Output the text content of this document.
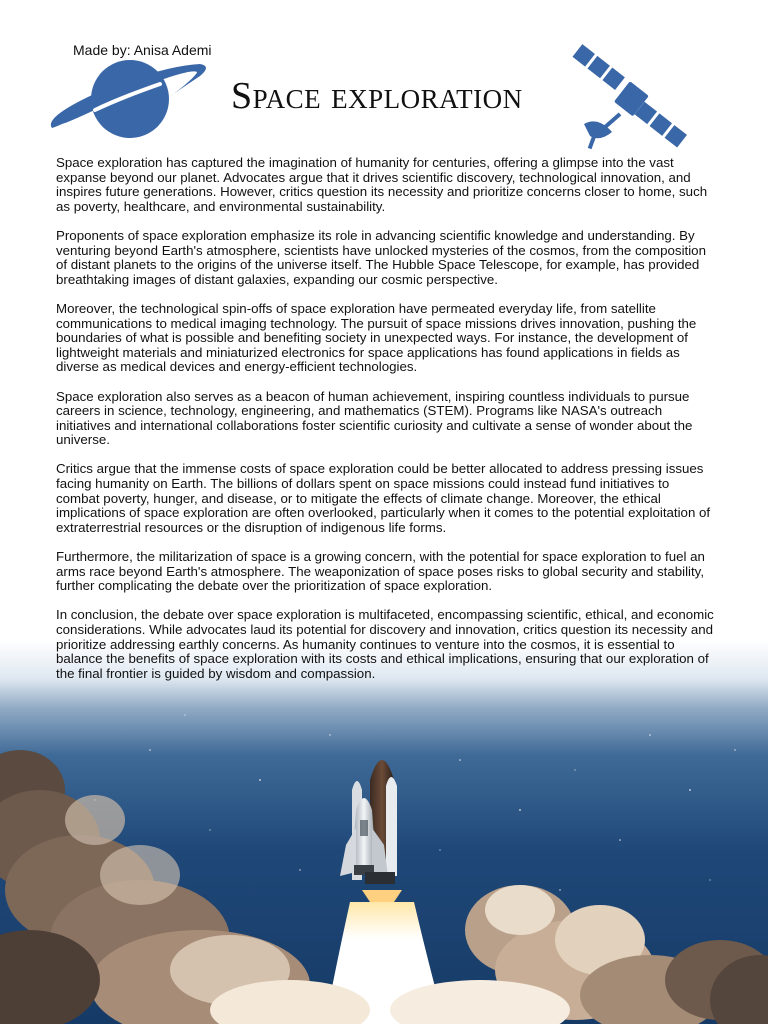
Made by: Anisa Ademi
Space exploration

Space exploration has captured the imagination of humanity for centuries, offering a glimpse into the vast expanse beyond our planet. Advocates argue that it drives scientific discovery, technological innovation, and inspires future generations. However, critics question its necessity and prioritize concerns closer to home, such as poverty, healthcare, and environmental sustainability.

Proponents of space exploration emphasize its role in advancing scientific knowledge and understanding. By venturing beyond Earth's atmosphere, scientists have unlocked mysteries of the cosmos, from the composition of distant planets to the origins of the universe itself. The Hubble Space Telescope, for example, has provided breathtaking images of distant galaxies, expanding our cosmic perspective.

Moreover, the technological spin-offs of space exploration have permeated everyday life, from satellite communications to medical imaging technology. The pursuit of space missions drives innovation, pushing the boundaries of what is possible and benefiting society in unexpected ways. For instance, the development of lightweight materials and miniaturized electronics for space applications has found applications in fields as diverse as medical devices and energy-efficient technologies.

Space exploration also serves as a beacon of human achievement, inspiring countless individuals to pursue careers in science, technology, engineering, and mathematics (STEM). Programs like NASA's outreach initiatives and international collaborations foster scientific curiosity and cultivate a sense of wonder about the universe.

Critics argue that the immense costs of space exploration could be better allocated to address pressing issues facing humanity on Earth. The billions of dollars spent on space missions could instead fund initiatives to combat poverty, hunger, and disease, or to mitigate the effects of climate change. Moreover, the ethical implications of space exploration are often overlooked, particularly when it comes to the potential exploitation of extraterrestrial resources or the disruption of indigenous life forms.

Furthermore, the militarization of space is a growing concern, with the potential for space exploration to fuel an arms race beyond Earth's atmosphere. The weaponization of space poses risks to global security and stability, further complicating the debate over the prioritization of space exploration.

In conclusion, the debate over space exploration is multifaceted, encompassing scientific, ethical, and economic considerations. While advocates laud its potential for discovery and innovation, critics question its necessity and prioritize addressing earthly concerns. As humanity continues to venture into the cosmos, it is essential to balance the benefits of space exploration with its costs and ethical implications, ensuring that our exploration of the final frontier is guided by wisdom and compassion.
